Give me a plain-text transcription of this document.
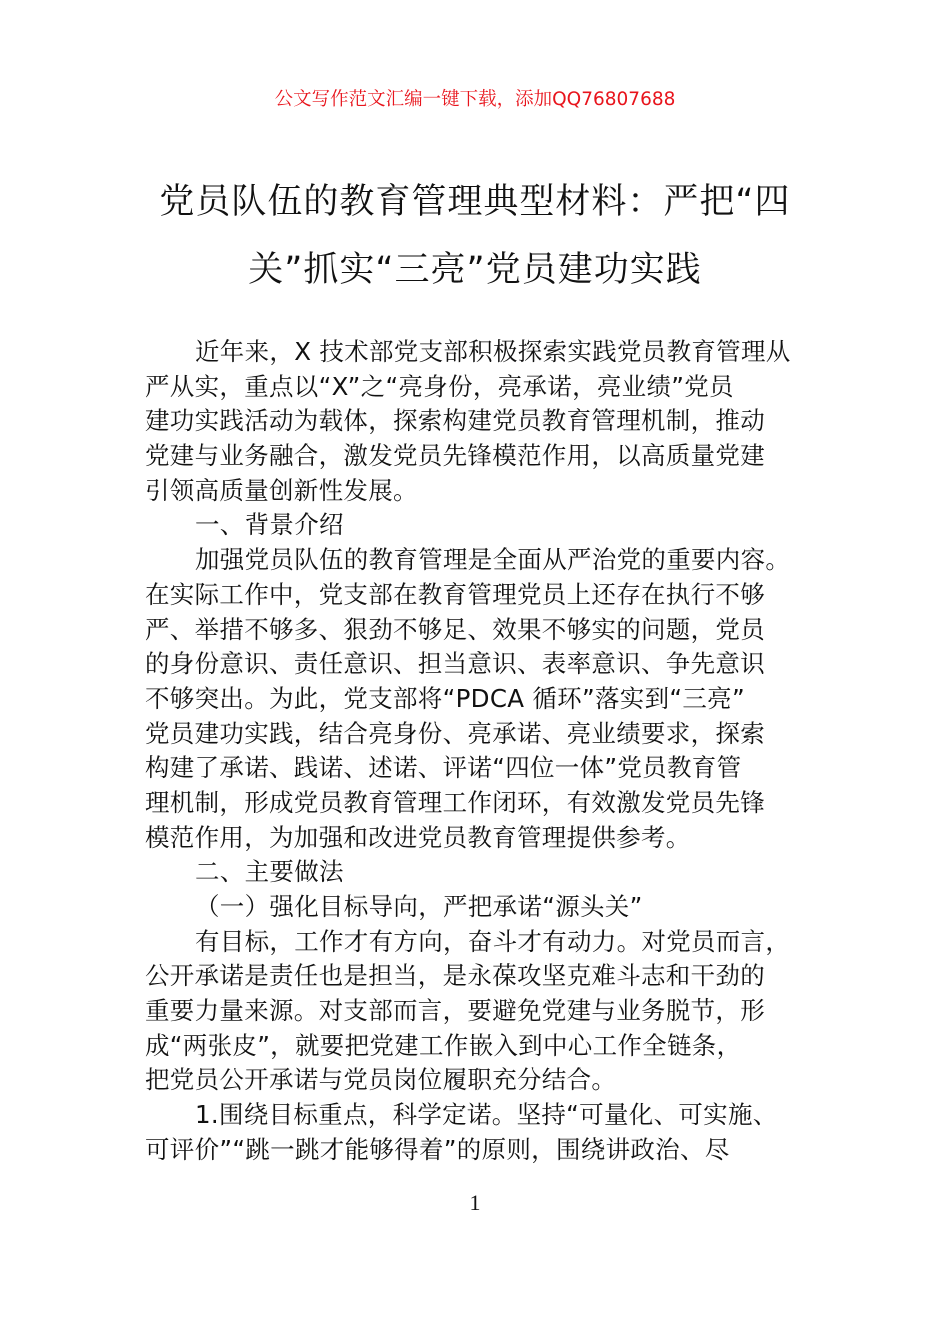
公文写作范文汇编一键下载，添加QQ76807688
党员队伍的教育管理典型材料：严把“四
关”抓实“三亮”党员建功实践
近年来，X 技术部党支部积极探索实践党员教育管理从
严从实，重点以“X”之“亮身份，亮承诺，亮业绩”党员
建功实践活动为载体，探索构建党员教育管理机制，推动
党建与业务融合，激发党员先锋模范作用，以高质量党建
引领高质量创新性发展。
一、背景介绍
加强党员队伍的教育管理是全面从严治党的重要内容。
在实际工作中，党支部在教育管理党员上还存在执行不够
严、举措不够多、狠劲不够足、效果不够实的问题，党员
的身份意识、责任意识、担当意识、表率意识、争先意识
不够突出。为此，党支部将“PDCA 循环”落实到“三亮”
党员建功实践，结合亮身份、亮承诺、亮业绩要求，探索
构建了承诺、践诺、述诺、评诺“四位一体”党员教育管
理机制，形成党员教育管理工作闭环，有效激发党员先锋
模范作用，为加强和改进党员教育管理提供参考。
二、主要做法
（一）强化目标导向，严把承诺“源头关”
有目标，工作才有方向，奋斗才有动力。对党员而言，
公开承诺是责任也是担当，是永葆攻坚克难斗志和干劲的
重要力量来源。对支部而言，要避免党建与业务脱节，形
成“两张皮”，就要把党建工作嵌入到中心工作全链条，
把党员公开承诺与党员岗位履职充分结合。
1.围绕目标重点，科学定诺。坚持“可量化、可实施、
可评价”“跳一跳才能够得着”的原则，围绕讲政治、尽
1
